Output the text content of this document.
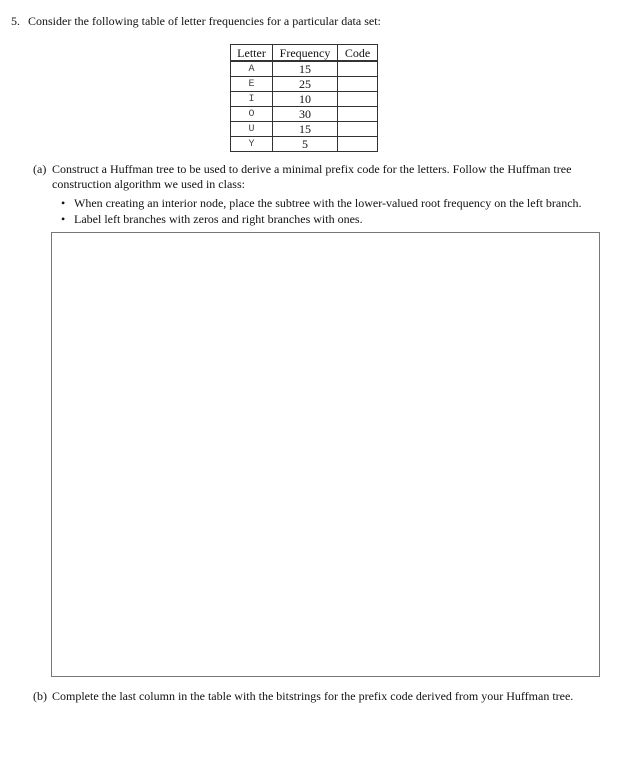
5. Consider the following table of letter frequencies for a particular data set:
Letter	Frequency	Code
A	15	
E	25	
I	10	
O	30	
U	15	
Y	5	
(a) Construct a Huffman tree to be used to derive a minimal prefix code for the letters. Follow the Huffman tree construction algorithm we used in class:
• When creating an interior node, place the subtree with the lower-valued root frequency on the left branch.
• Label left branches with zeros and right branches with ones.
(b) Complete the last column in the table with the bitstrings for the prefix code derived from your Huffman tree.
